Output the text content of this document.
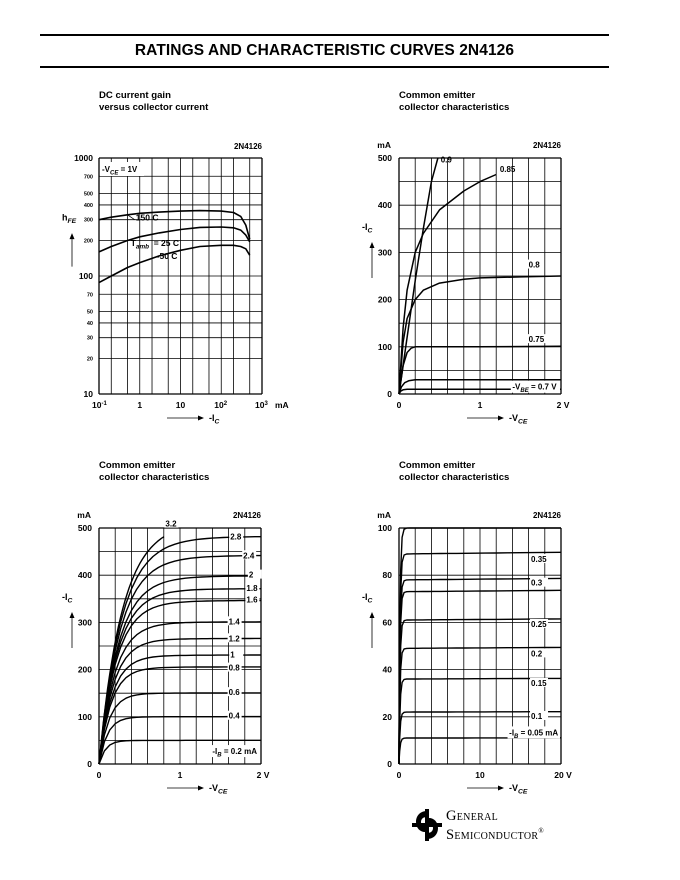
RATINGS AND CHARACTERISTIC CURVES 2N4126
DC current gain
versus collector current
Common emitter
collector characteristics
Common emitter
collector characteristics
Common emitter
collector characteristics
10
100
1000
20
30
40
50
70
200
300
400
500
700
$10^{-1}$	1	10	$10^2$	$10^3$ mA
$-V_{CE} = 1V$
2N4126
150 C
$T_{amb} = 25$ C
-50 C
$h_{FE}$
$-I_C$
0
100
200
300
400
500
0	1	2 V
mA	2N4126
$-I_C$
$-V_{CE}$
0.9
0.85
0.8
0.75
$-V_{BE} = 0.7$ V
0
100
200
300
400
500
0	1	2 V
mA	2N4126
$-I_C$
$-V_{CE}$
3.2
2.8
2.4
2
1.8
1.6
1.4
1.2
1
0.8
0.6
0.4
$-I_B = 0.2$ mA
0
20
40
60
80
100
0	10	20 V
mA	2N4126
$-I_C$
$-V_{CE}$
0.35
0.3
0.25
0.2
0.15
0.1
$-I_B = 0.05$ mA
General
Semiconductor®
